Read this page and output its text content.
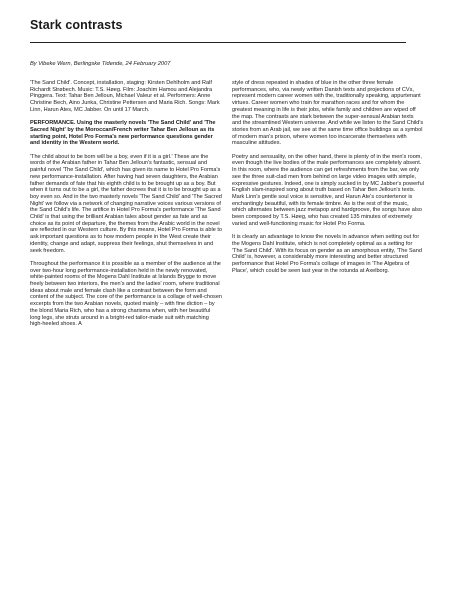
Stark contrasts

By Vibeke Wern, Berlingske Tidende, 24 February 2007

'The Sand Child'. Concept, installation, staging: Kirsten Dehlholm and Ralf Richardt Strøbech. Music: T.S. Høeg. Film: Joachim Hamou and Alejandra Pinggera. Text: Tahar Ben Jelloun, Michael Valeur et al. Performers: Anne Christine Bech, Aino Junka, Christine Pettersen and Maria Rich. Songs: Mark Linn, Harun Ates, MC Jabber. On until 17 March.

PERFORMANCE. Using the masterly novels 'The Sand Child' and 'The Sacred Night' by the Moroccan/French writer Tahar Ben Jelloun as its starting point, Hotel Pro Forma's new performance questions gender and identity in the Western world.

'The child about to be born will be a boy, even if it is a girl.' These are the words of the Arabian father in Tahar Ben Jelloun's fantastic, sensual and painful novel 'The Sand Child', which has given its name to Hotel Pro Forma's new performance-installation. After having had seven daughters, the Arabian father demands of fate that his eighth child is to be brought up as a boy. But when it turns out to be a girl, the father decrees that it is to be brought up as a boy even so. And in the two masterly novels 'The Sand Child' and 'The Sacred Night' we follow via a network of changing narrative voices various versions of the Sand Child's life. The artifice in Hotel Pro Forma's performance 'The Sand Child' is that using the brilliant Arabian tales about gender as fate and as choice as its point of departure, the themes from the Arabic world in the novel are reflected in our Western culture. By this means, Hotel Pro Forma is able to ask important questions as to how modern people in the West create their identity, change and adapt, suppress their feelings, shut themselves in and seek freedom.

Throughout the performance it is possible as a member of the audience at the over two-hour long performance-installation held in the newly renovated, white-painted rooms of the Mogens Dahl Institute at Islands Brygge to move freely between two interiors, the men's and the ladies' room, where traditional ideas about male and female clash like a contrast between the form and content of the subject. The core of the performance is a collage of well-chosen excerpts from the two Arabian novels, quoted mainly – with fine diction – by the blond Maria Rich, who has a strong charisma when, with her beautiful long legs, she struts around in a bright-red tailor-made suit with matching high-heeled shoes. A

style of dress repeated in shades of blue in the other three female performances, who, via newly written Danish texts and projections of CVs, represent modern career women with the, traditionally speaking, appurtenant virtues. Career women who train for marathon races and for whom the greatest meaning in life is their jobs, while family and children are wiped off the map. The contrasts are stark between the super-sensual Arabian texts and the streamlined Western universe. And while we listen to the Sand Child's stories from an Arab jail, we see at the same time office buildings as a symbol of modern man's prison, where women too incarcerate themselves with masculine attitudes.

Poetry and sensuality, on the other hand, there is plenty of in the men's room, even though the live bodies of the male performances are completely absent. In this room, where the audience can get refreshments from the bar, we only see the three suit-clad men from behind on large video images with simple, expressive gestures. Indeed, one is simply sucked in by MC Jabber's powerful English slam-inspired song about truth based on Tahar Ben Jelloun's texts. Mark Linn's gentle soul voice is sensitive, and Harun Ate's countertenor is enchantingly beautiful, with its female timbre. As is the rest of the music, which alternates between jazz metapop and hardgroove, the songs have also been composed by T.S. Høeg, who has created 135 minutes of extremely varied and well-functioning music for Hotel Pro Forma.

It is clearly an advantage to know the novels in advance when setting out for the Mogens Dahl Institute, which is not completely optimal as a setting for 'The Sand Child'. With its focus on gender as an amorphous entity, 'The Sand Child' is, however, a considerably more interesting and better structured performance that Hotel Pro Forma's collage of images in 'The Algebra of Place', which could be seen last year in the rotunda at Axelborg.
